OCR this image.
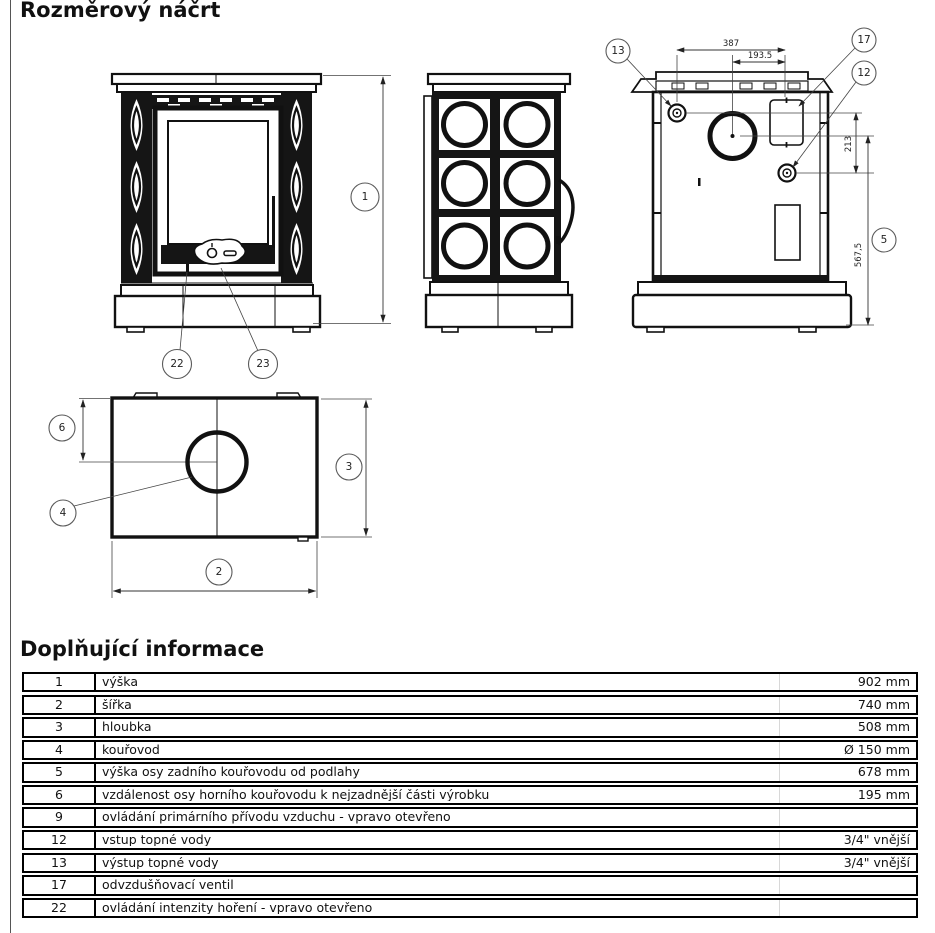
Rozměrový náčrt
1
22	23
387
193.5
213
567,5
13
17
12
5
6
4
3
2
Doplňující informace
1	výška	902 mm
2	šířka	740 mm
3	hloubka	508 mm
4	kouřovod	Ø 150 mm
5	výška osy zadního kouřovodu od podlahy	678 mm
6	vzdálenost osy horního kouřovodu k nejzadnější části výrobku	195 mm
9	ovládání primárního přívodu vzduchu - vpravo otevřeno
12	vstup topné vody	3/4" vnější
13	výstup topné vody	3/4" vnější
17	odvzdušňovací ventil
22	ovládání intenzity hoření - vpravo otevřeno
